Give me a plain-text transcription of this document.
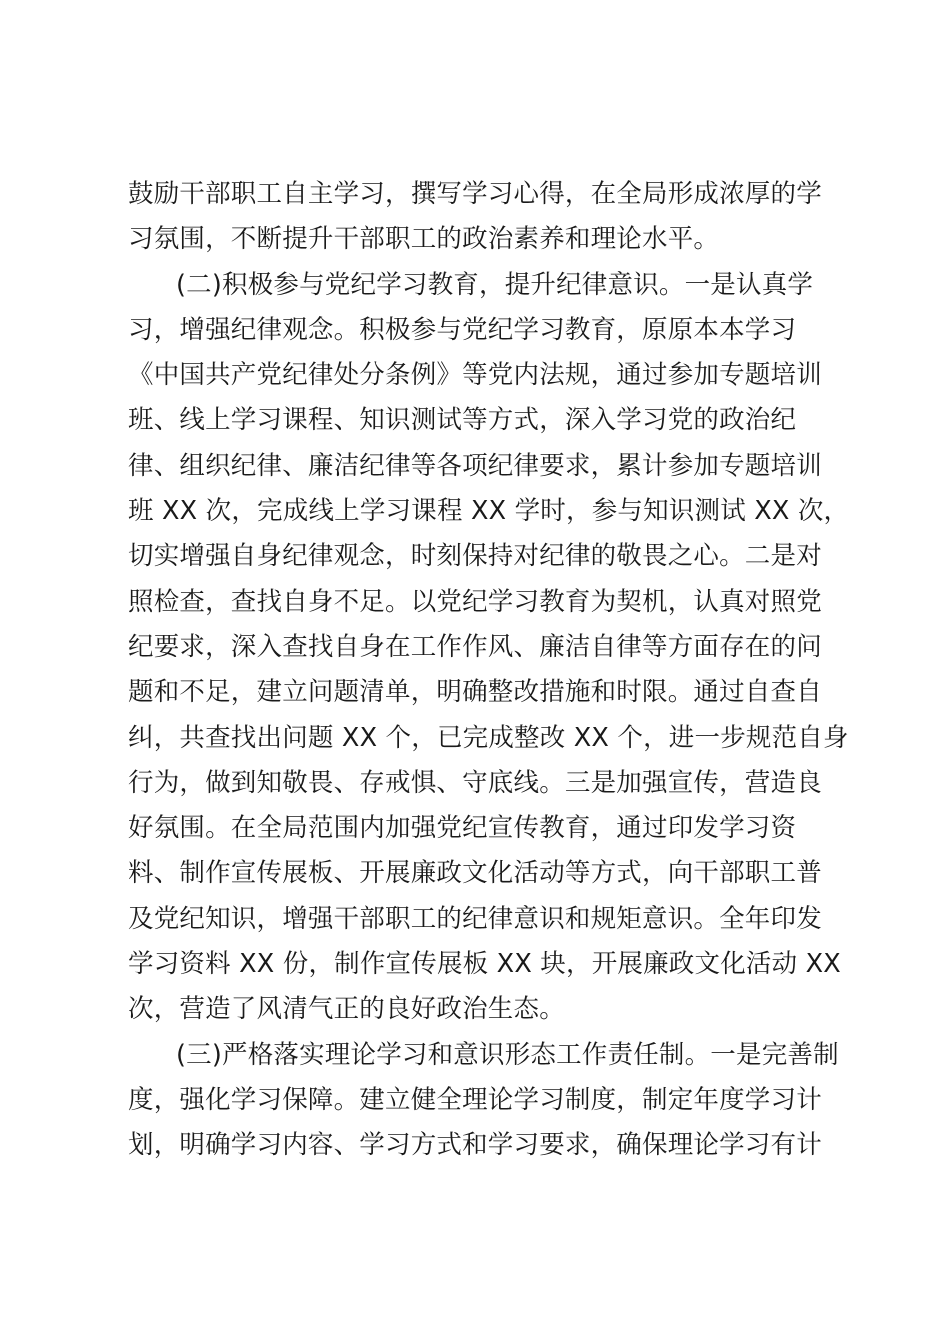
鼓励干部职工自主学习，撰写学习心得，在全局形成浓厚的学
习氛围，不断提升干部职工的政治素养和理论水平。
(二)积极参与党纪学习教育，提升纪律意识。一是认真学
习，增强纪律观念。积极参与党纪学习教育，原原本本学习
《中国共产党纪律处分条例》等党内法规，通过参加专题培训
班、线上学习课程、知识测试等方式，深入学习党的政治纪
律、组织纪律、廉洁纪律等各项纪律要求，累计参加专题培训
班 XX 次，完成线上学习课程 XX 学时，参与知识测试 XX 次，
切实增强自身纪律观念，时刻保持对纪律的敬畏之心。二是对
照检查，查找自身不足。以党纪学习教育为契机，认真对照党
纪要求，深入查找自身在工作作风、廉洁自律等方面存在的问
题和不足，建立问题清单，明确整改措施和时限。通过自查自
纠，共查找出问题 XX 个，已完成整改 XX 个，进一步规范自身
行为，做到知敬畏、存戒惧、守底线。三是加强宣传，营造良
好氛围。在全局范围内加强党纪宣传教育，通过印发学习资
料、制作宣传展板、开展廉政文化活动等方式，向干部职工普
及党纪知识，增强干部职工的纪律意识和规矩意识。全年印发
学习资料 XX 份，制作宣传展板 XX 块，开展廉政文化活动 XX
次，营造了风清气正的良好政治生态。
(三)严格落实理论学习和意识形态工作责任制。一是完善制
度，强化学习保障。建立健全理论学习制度，制定年度学习计
划，明确学习内容、学习方式和学习要求，确保理论学习有计
